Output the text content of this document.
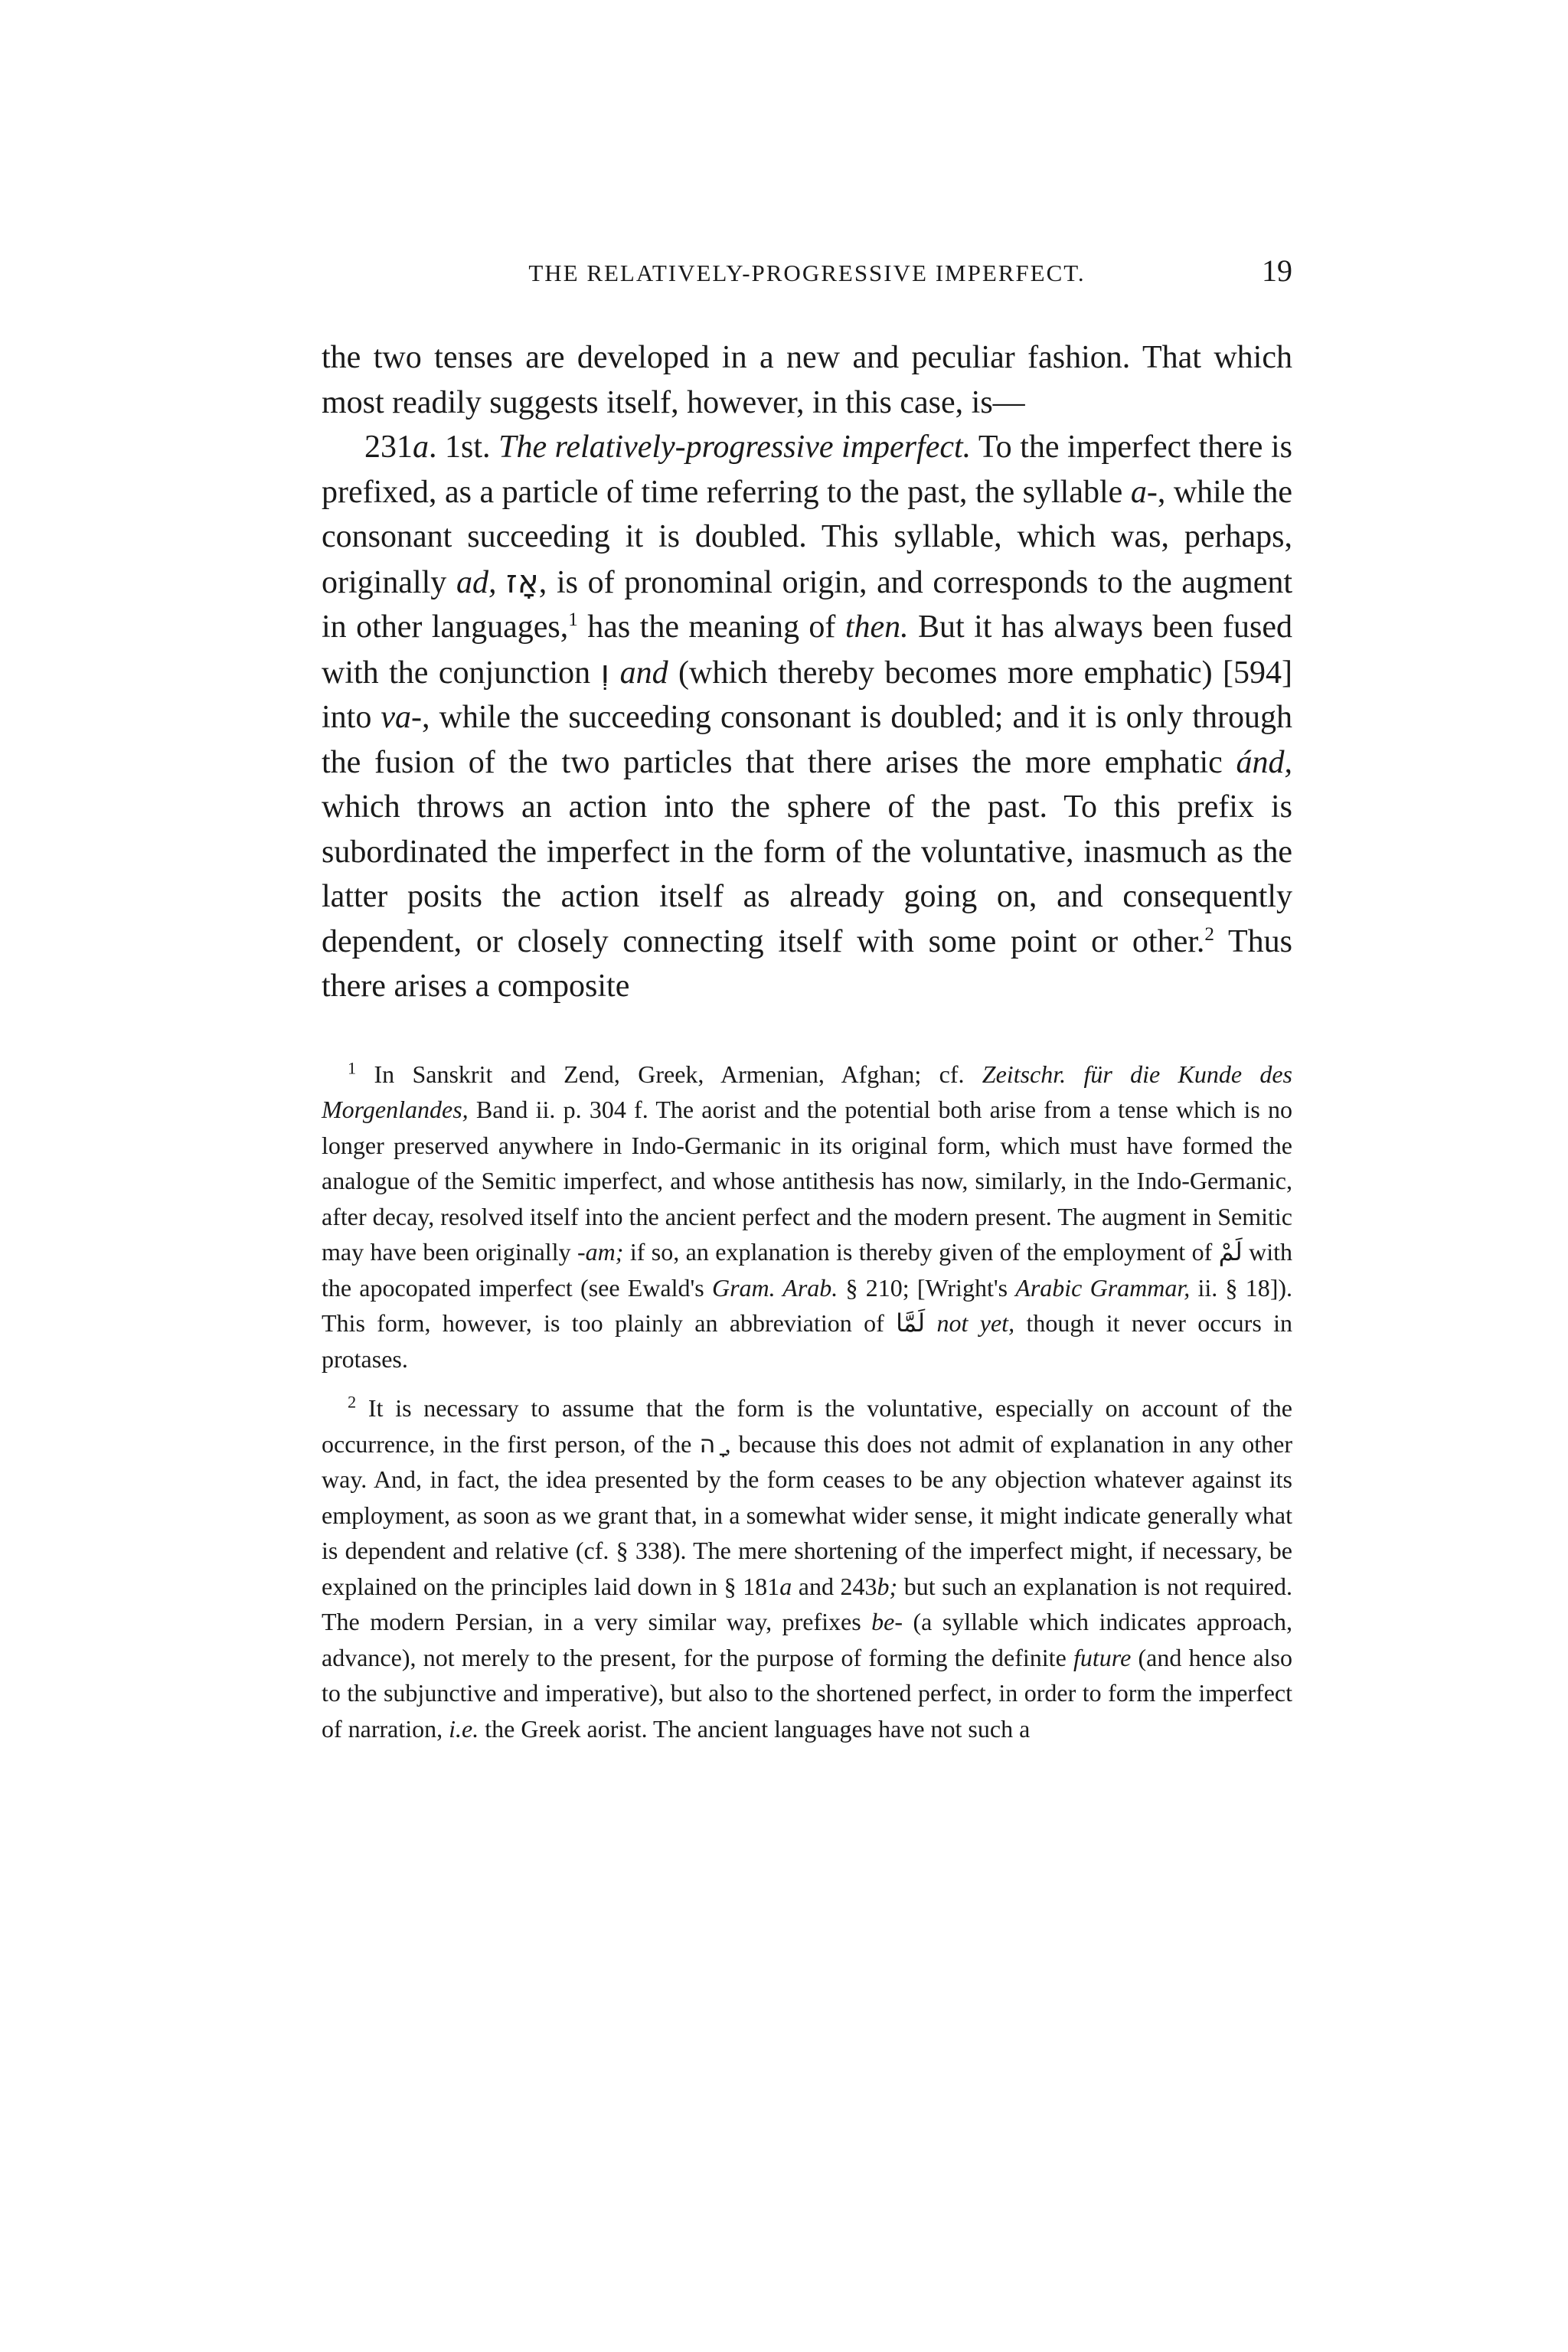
THE RELATIVELY-PROGRESSIVE IMPERFECT.	19

the two tenses are developed in a new and peculiar fashion. That which most readily suggests itself, however, in this case, is—

231a. 1st. The relatively-progressive imperfect. To the imperfect there is prefixed, as a particle of time referring to the past, the syllable a-, while the consonant succeeding it is doubled. This syllable, which was, perhaps, originally ad, אָז, is of pronominal origin, and corresponds to the augment in other languages,$^1$ has the meaning of then. But it has always been fused with the conjunction וְ and (which thereby becomes more emphatic) [594] into va-, while the succeeding consonant is doubled; and it is only through the fusion of the two particles that there arises the more emphatic ánd, which throws an action into the sphere of the past. To this prefix is subordinated the imperfect in the form of the voluntative, inasmuch as the latter posits the action itself as already going on, and consequently dependent, or closely connecting itself with some point or other.$^2$ Thus there arises a composite

$^1$ In Sanskrit and Zend, Greek, Armenian, Afghan; cf. Zeitschr. für die Kunde des Morgenlandes, Band ii. p. 304 f. The aorist and the potential both arise from a tense which is no longer preserved anywhere in Indo-Germanic in its original form, which must have formed the analogue of the Semitic imperfect, and whose antithesis has now, similarly, in the Indo-Germanic, after decay, resolved itself into the ancient perfect and the modern present. The augment in Semitic may have been originally -am; if so, an explanation is thereby given of the employment of لَمْ with the apocopated imperfect (see Ewald's Gram. Arab. § 210; [Wright's Arabic Grammar, ii. § 18]). This form, however, is too plainly an abbreviation of لَمَّا not yet, though it never occurs in protases.

$^2$ It is necessary to assume that the form is the voluntative, especially on account of the occurrence, in the first person, of the ה ָ, because this does not admit of explanation in any other way. And, in fact, the idea presented by the form ceases to be any objection whatever against its employment, as soon as we grant that, in a somewhat wider sense, it might indicate generally what is dependent and relative (cf. § 338). The mere shortening of the imperfect might, if necessary, be explained on the principles laid down in § 181a and 243b; but such an explanation is not required. The modern Persian, in a very similar way, prefixes be- (a syllable which indicates approach, advance), not merely to the present, for the purpose of forming the definite future (and hence also to the subjunctive and imperative), but also to the shortened perfect, in order to form the imperfect of narration, i.e. the Greek aorist. The ancient languages have not such a
